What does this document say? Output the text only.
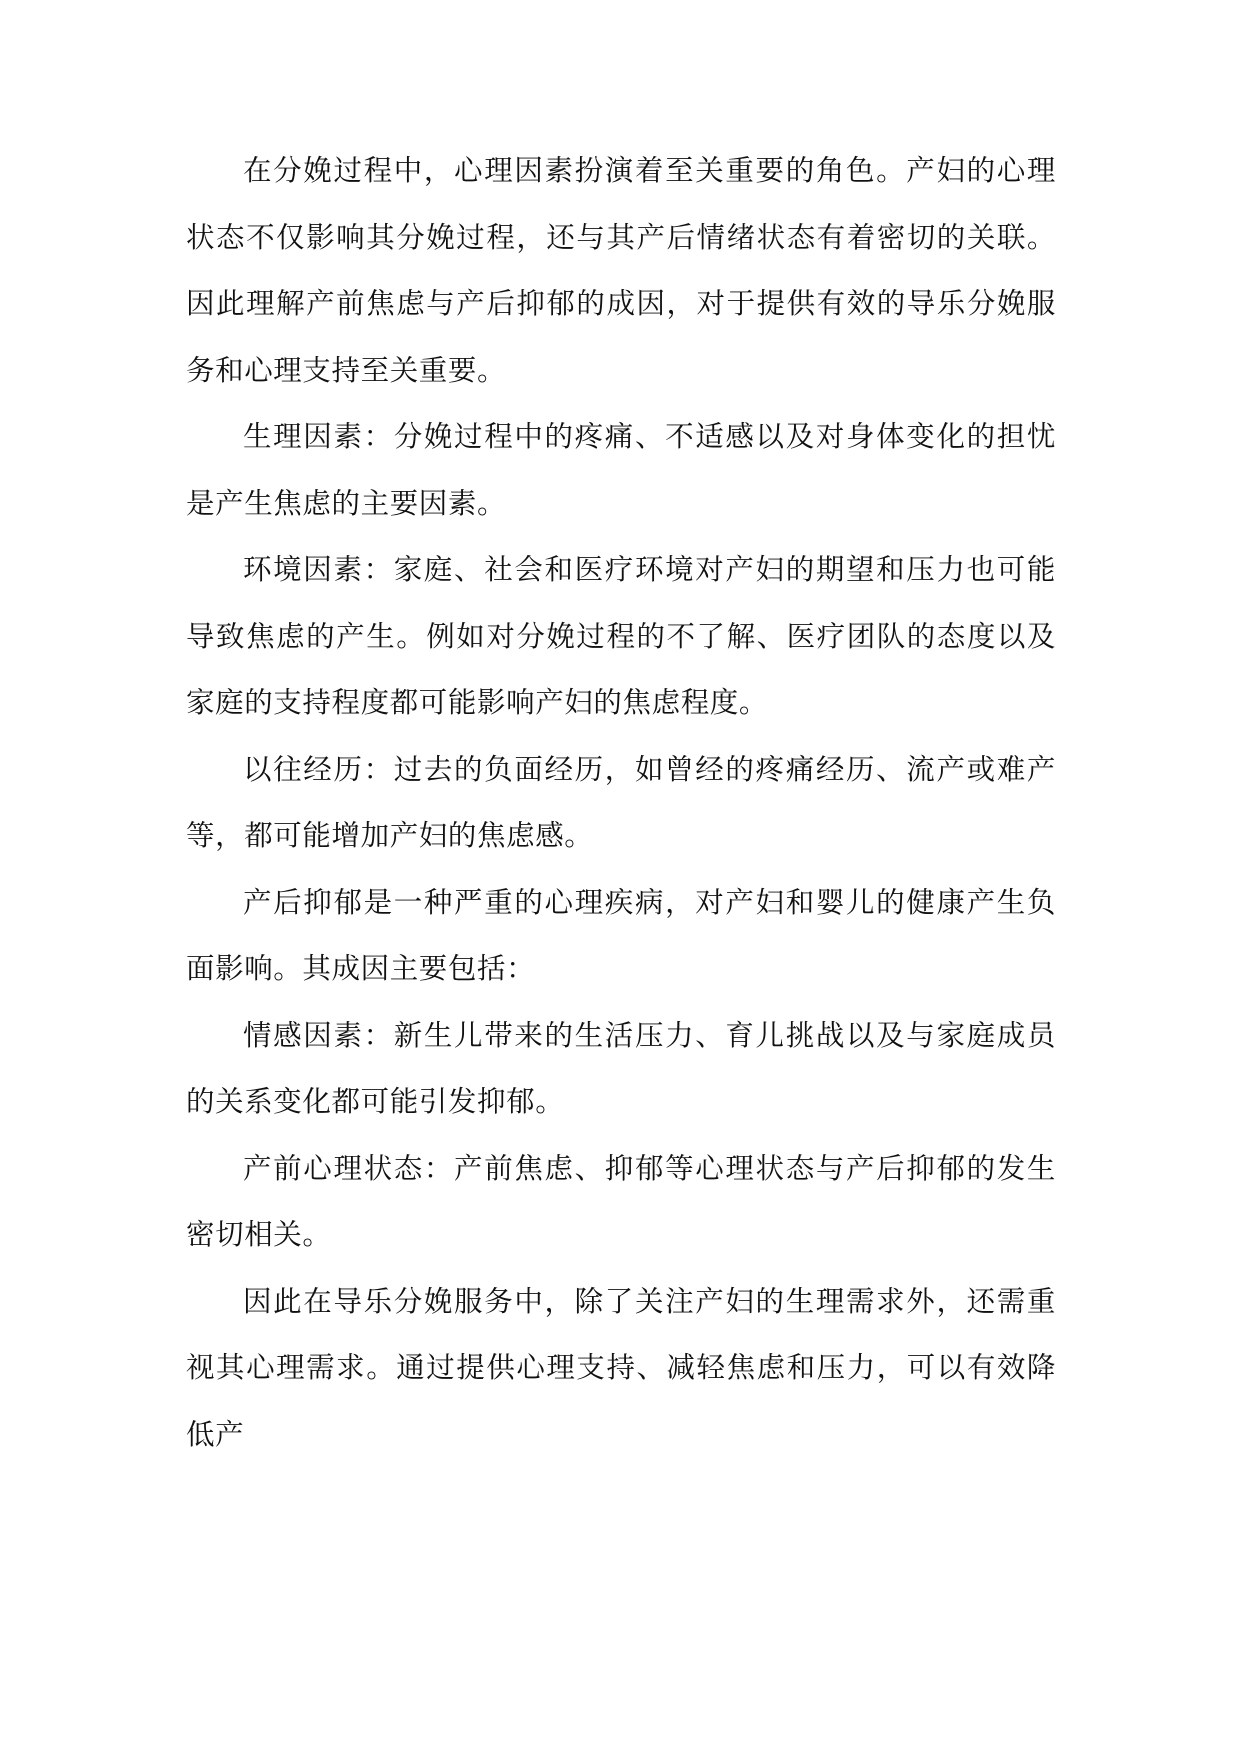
在分娩过程中，心理因素扮演着至关重要的角色。产妇的心理状态不仅影响其分娩过程，还与其产后情绪状态有着密切的关联。因此理解产前焦虑与产后抑郁的成因，对于提供有效的导乐分娩服务和心理支持至关重要。

生理因素：分娩过程中的疼痛、不适感以及对身体变化的担忧是产生焦虑的主要因素。

环境因素：家庭、社会和医疗环境对产妇的期望和压力也可能导致焦虑的产生。例如对分娩过程的不了解、医疗团队的态度以及家庭的支持程度都可能影响产妇的焦虑程度。

以往经历：过去的负面经历，如曾经的疼痛经历、流产或难产等，都可能增加产妇的焦虑感。

产后抑郁是一种严重的心理疾病，对产妇和婴儿的健康产生负面影响。其成因主要包括：

情感因素：新生儿带来的生活压力、育儿挑战以及与家庭成员的关系变化都可能引发抑郁。

产前心理状态：产前焦虑、抑郁等心理状态与产后抑郁的发生密切相关。

因此在导乐分娩服务中，除了关注产妇的生理需求外，还需重视其心理需求。通过提供心理支持、减轻焦虑和压力，可以有效降低产
